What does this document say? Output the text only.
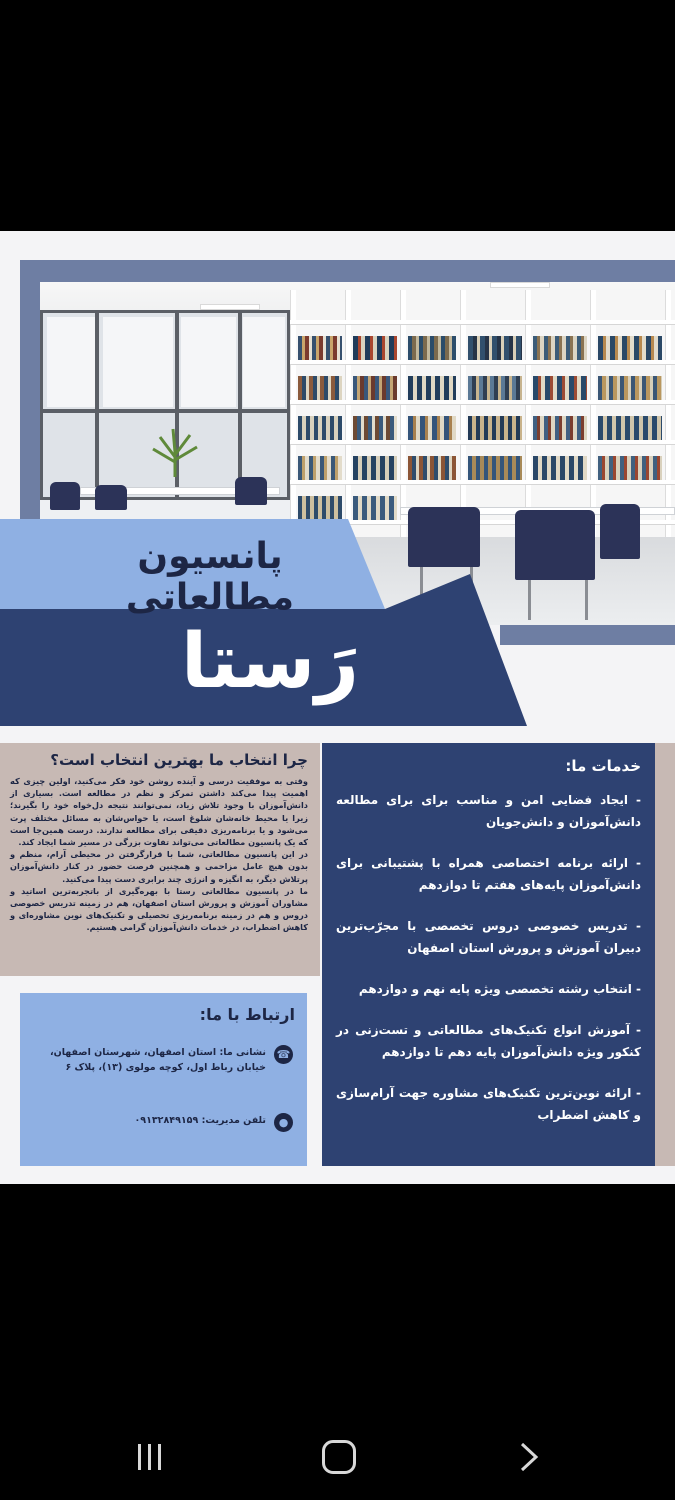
پانسیون مطالعاتی
رَستا
چرا انتخاب ما بهترین انتخاب است؟

وقتی به موفقیت درسی و آینده روشن خود فکر می‌کنید، اولین چیزی که اهمیت پیدا می‌کند داشتن تمرکز و نظم در مطالعه است. بسیاری از دانش‌آموزان با وجود تلاش زیاد، نمی‌توانند نتیجه دل‌خواه خود را بگیرند؛ زیرا یا محیط خانه‌شان شلوغ است، یا حواس‌شان به مسائل مختلف پرت می‌شود و یا برنامه‌ریزی دقیقی برای مطالعه ندارند. درست همین‌جا است که یک پانسیون مطالعاتی می‌تواند تفاوت بزرگی در مسیر شما ایجاد کند.

در این پانسیون مطالعاتی، شما با قرارگرفتن در محیطی آرام، منظم و بدون هیچ عامل مزاحمی و همچنین فرصت حضور در کنار دانش‌آموزان پرتلاش دیگر، به انگیزه و انرژی چند برابری دست پیدا می‌کنید.

ما در پانسیون مطالعاتی رستا با بهره‌گیری از باتجربه‌ترین اساتید و مشاوران آموزش و پرورش استان اصفهان، هم در زمینه تدریس خصوصی دروس و هم در زمینه برنامه‌ریزی تحصیلی و تکنیک‌های نوین مشاوره‌ای و کاهش اضطراب، در خدمات دانش‌آموزان گرامی هستیم.

ارتباط با ما:
☎
نشانی ما: استان اصفهان، شهرستان اصفهان، خیابان رباط اول، کوچه مولوی (۱۳)، پلاک ۶
●
تلفن مدیریت: ۰۹۱۳۲۸۴۹۱۵۹
خدمات ما:
- ایجاد فضایی امن و مناسب برای برای مطالعه دانش‌آموزان و دانش‌جویان
- ارائه برنامه اختصاصی همراه با پشتیبانی برای دانش‌آموزان پایه‌های هفتم تا دوازدهم
- تدریس خصوصی دروس تخصصی با مجرّب‌ترین دبیران آموزش و پرورش استان اصفهان
- انتخاب رشته تخصصی ویژه پایه نهم و دوازدهم
- آموزش انواع تکنیک‌های مطالعاتی و تست‌زنی در کنکور ویژه دانش‌آموزان پایه دهم تا دوازدهم
- ارائه نوین‌ترین تکنیک‌های مشاوره جهت آرام‌سازی و کاهش اضطراب
